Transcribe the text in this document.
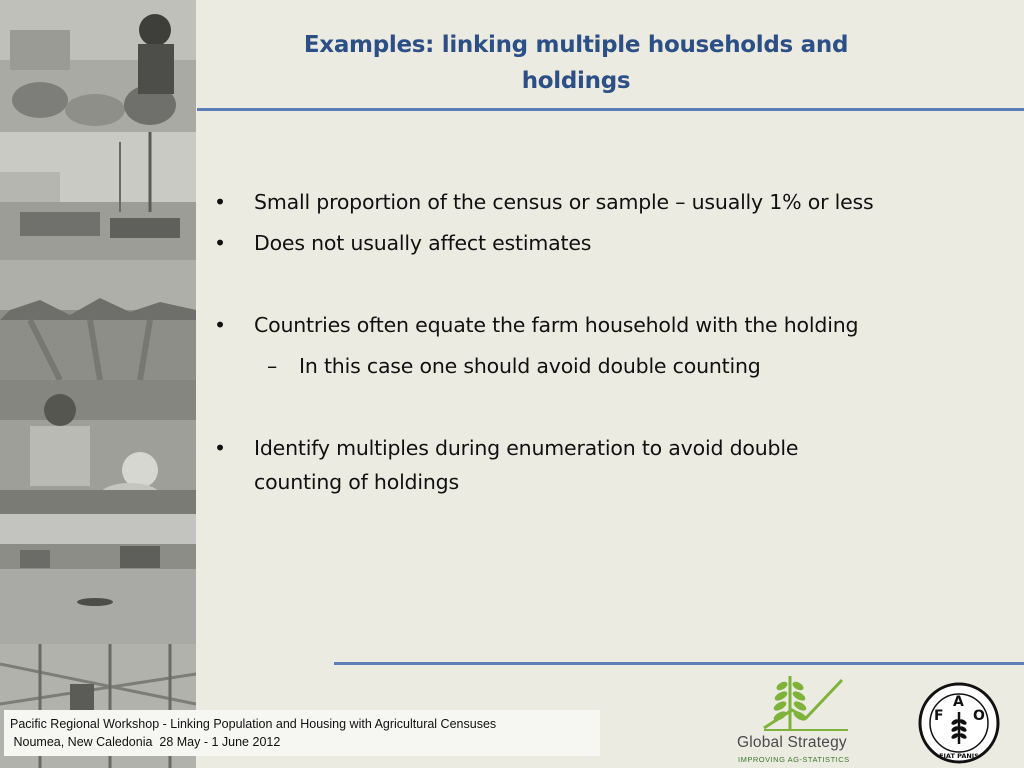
Examples: linking multiple households and
holdings
• Small proportion of the census or sample – usually 1% or less
• Does not usually affect estimates
• Countries often equate the farm household with the holding
– In this case one should avoid double counting
• Identify multiples during enumeration to avoid double
counting of holdings
Pacific Regional Workshop - Linking Population and Housing with Agricultural Censuses
Noumea, New Caledonia  28 May - 1 June 2012	Global Strategy
IMPROVING AG-STATISTICS
F
A
O
FIAT PANIS
